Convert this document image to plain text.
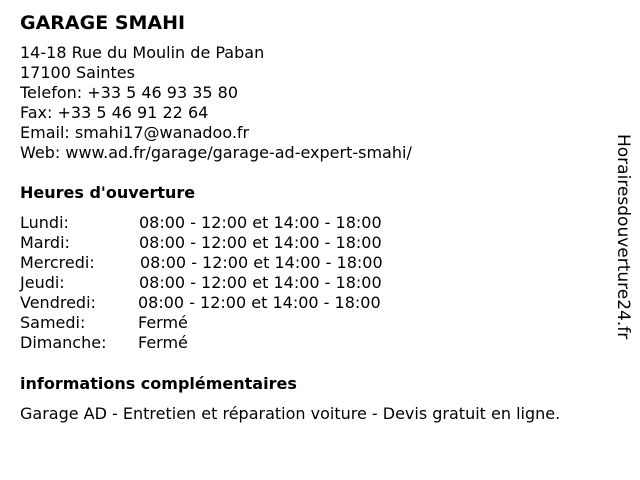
GARAGE SMAHI
14-18 Rue du Moulin de Paban
17100 Saintes
Telefon: +33 5 46 93 35 80
Fax: +33 5 46 91 22 64
Email: smahi17@wanadoo.fr
Web: www.ad.fr/garage/garage-ad-expert-smahi/
Heures d'ouverture
Lundi:	08:00 - 12:00 et 14:00 - 18:00
Mardi:	08:00 - 12:00 et 14:00 - 18:00
Mercredi:	08:00 - 12:00 et 14:00 - 18:00
Jeudi:	08:00 - 12:00 et 14:00 - 18:00
Vendredi:	08:00 - 12:00 et 14:00 - 18:00
Samedi:	Fermé
Dimanche: Fermé
informations complémentaires
Garage AD - Entretien et réparation voiture - Devis gratuit en ligne.
Horairesdouverture24.fr
